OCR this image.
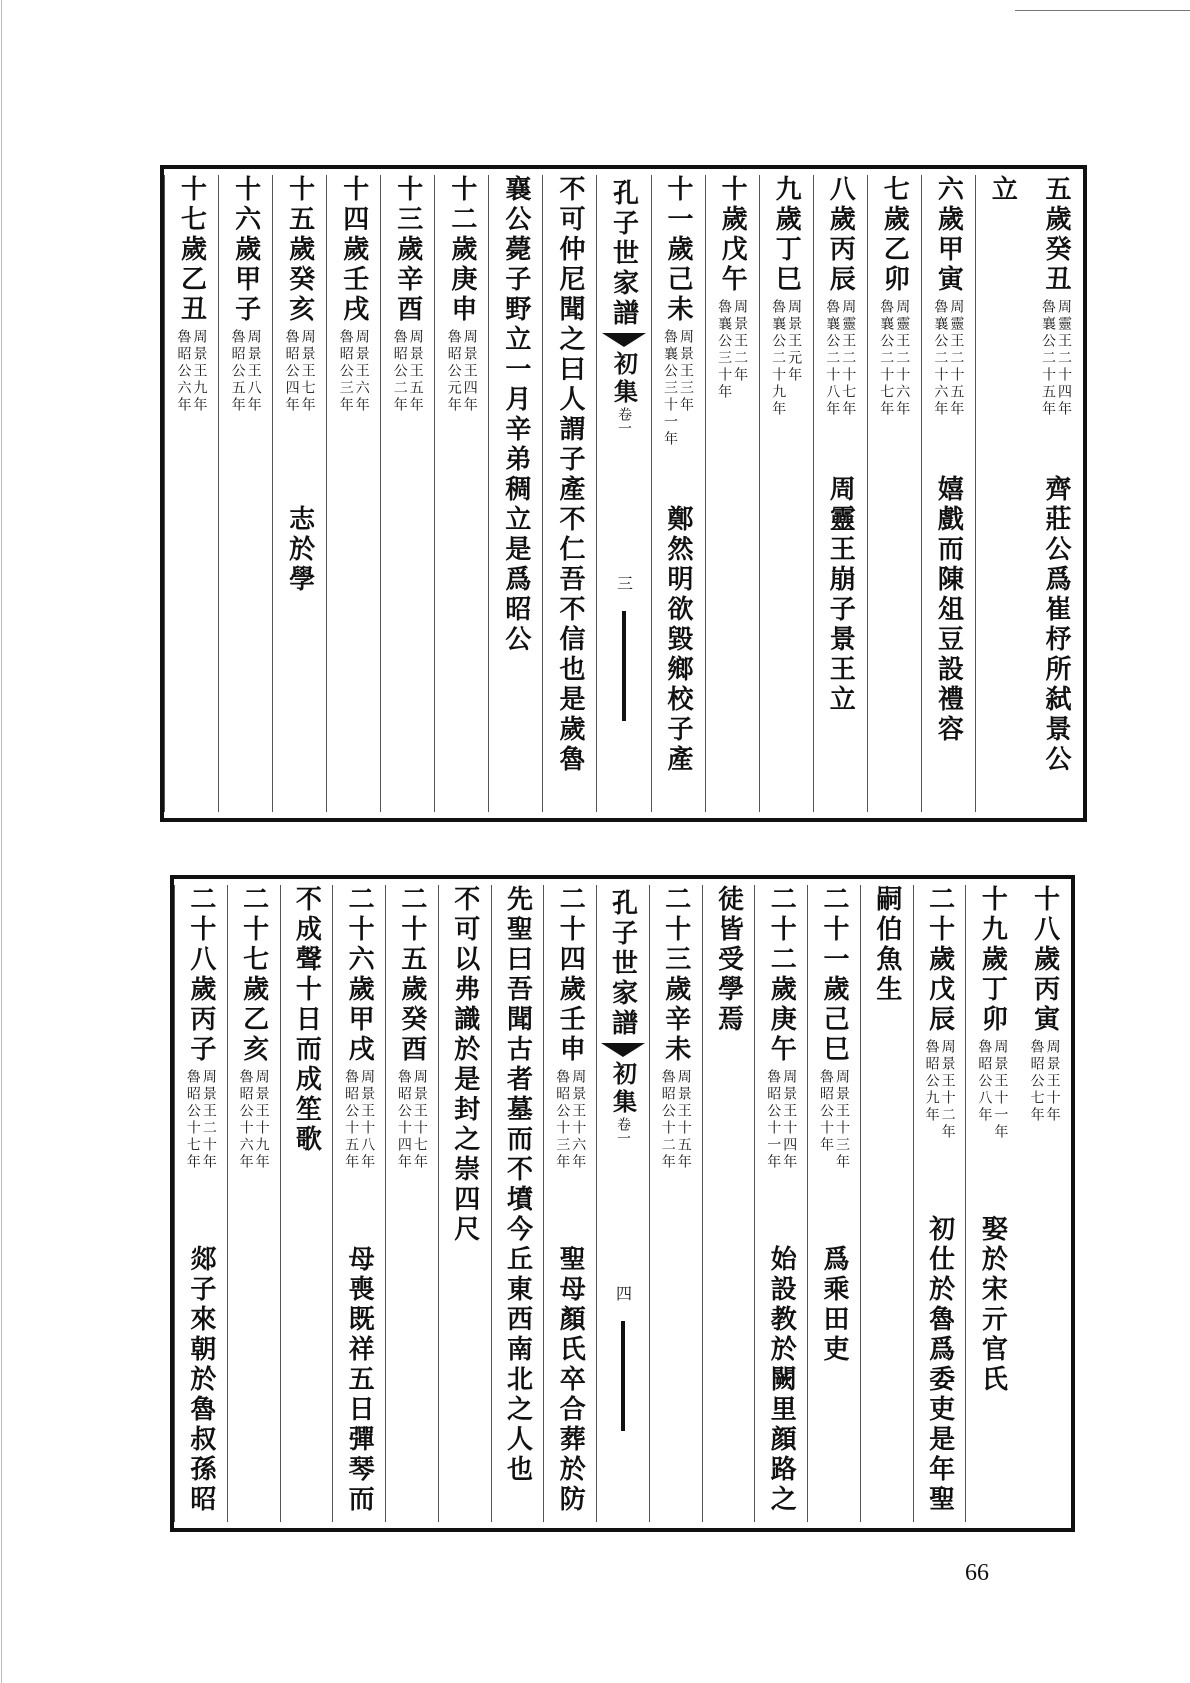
五歲癸丑
周靈王二十四年
魯襄公二十五年
齊莊公爲崔杼所弑景公
立
六歲甲寅
周靈王二十五年
魯襄公二十六年
嬉戲而陳俎豆設禮容
七歲乙卯
周靈王二十六年
魯襄公二十七年
八歲丙辰
周靈王二十七年
魯襄公二十八年
周靈王崩子景王立
九歲丁巳
周景王元年
魯襄公二十九年
十歲戊午
周景王二年
魯襄公三十年
十一歲己未
周景王三年
魯襄公三十一年
鄭然明欲毀鄉校子產
孔子世家譜
初集
卷一
三
不可仲尼聞之曰人謂子產不仁吾不信也是歲魯
襄公薨子野立一月辛弟稠立是爲昭公
十二歲庚申
周景王四年
魯昭公元年
十三歲辛酉
周景王五年
魯昭公二年
十四歲壬戌
周景王六年
魯昭公三年
十五歲癸亥
周景王七年
魯昭公四年
志於學
十六歲甲子
周景王八年
魯昭公五年
十七歲乙丑
周景王九年
魯昭公六年
十八歲丙寅
周景王十年
魯昭公七年
十九歲丁卯
周景王十一年
魯昭公八年
娶於宋亓官氏
二十歲戊辰
周景王十二年
魯昭公九年
初仕於魯爲委吏是年聖
嗣伯魚生
二十一歲己巳
周景王十三年
魯昭公十年
爲乘田吏
二十二歲庚午
周景王十四年
魯昭公十一年
始設教於闕里顔路之
徒皆受學焉
二十三歲辛未
周景王十五年
魯昭公十二年
孔子世家譜
初集
卷一
四
二十四歲壬申
周景王十六年
魯昭公十三年
聖母顏氏卒合葬於防
先聖曰吾聞古者墓而不墳今丘東西南北之人也
不可以弗識於是封之崇四尺
二十五歲癸酉
周景王十七年
魯昭公十四年
二十六歲甲戌
周景王十八年
魯昭公十五年
母喪既祥五日彈琴而
不成聲十日而成笙歌
二十七歲乙亥
周景王十九年
魯昭公十六年
二十八歲丙子
周景王二十年
魯昭公十七年
郯子來朝於魯叔孫昭
66
